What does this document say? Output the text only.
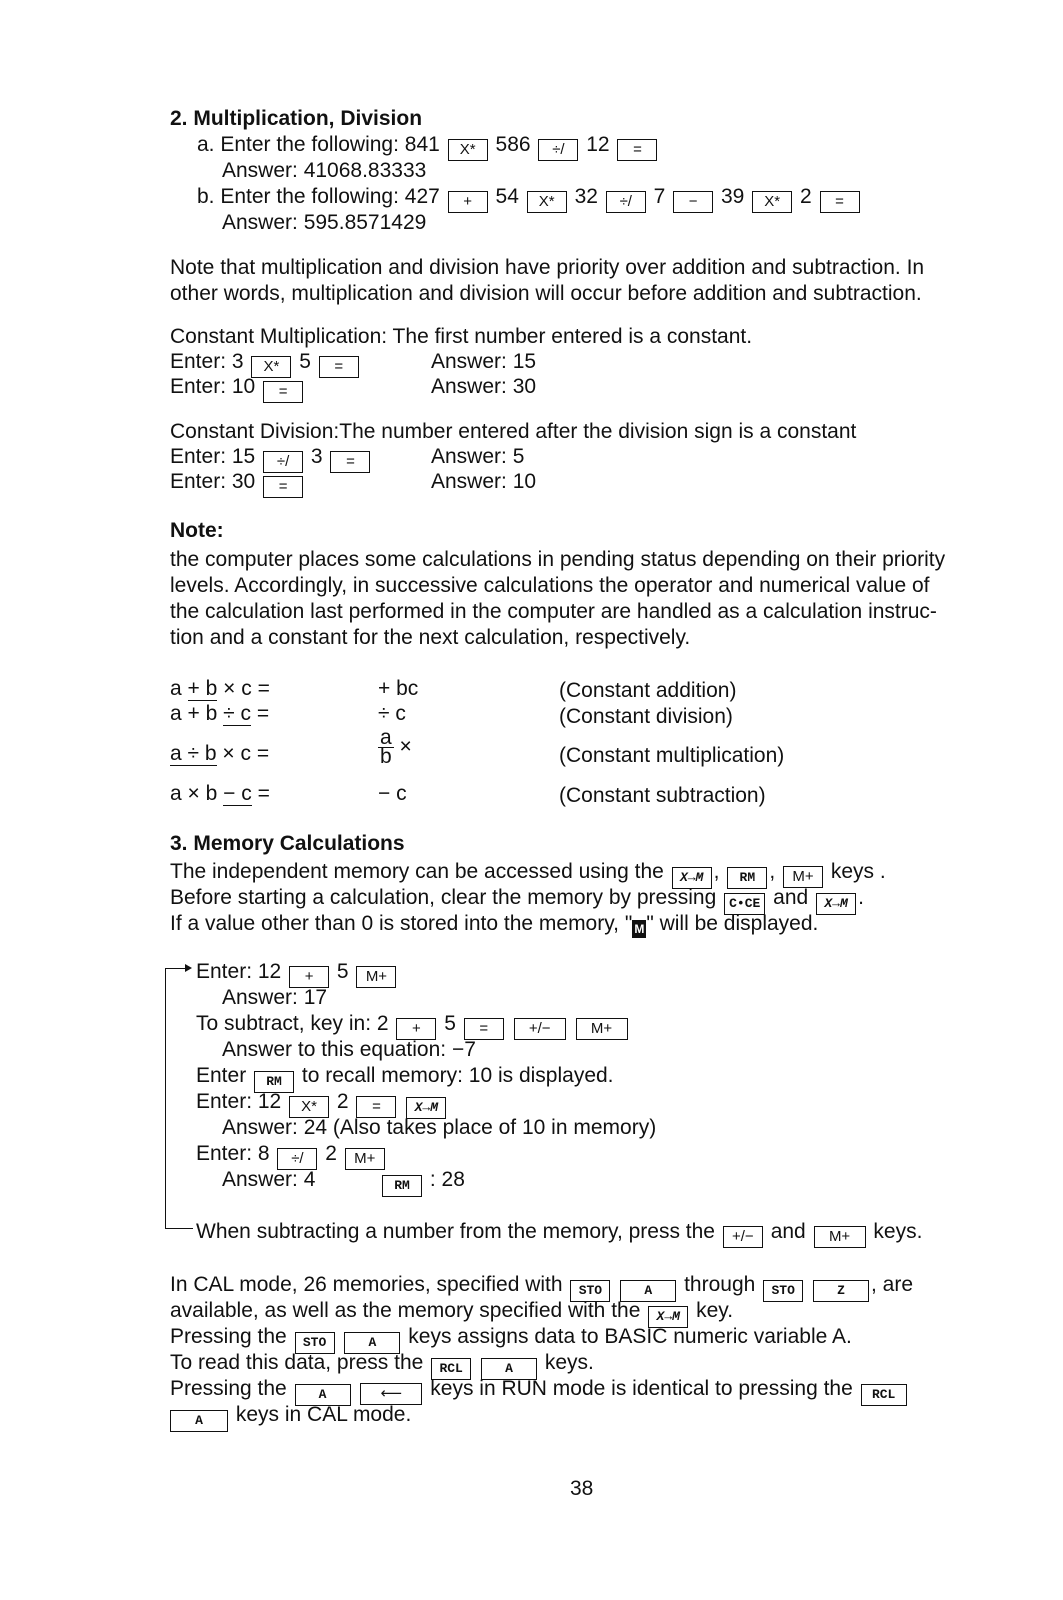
2. Multiplication, Division
a. Enter the following: 841 X* 586 ÷/ 12 =
Answer: 41068.83333
b. Enter the following: 427 + 54 X* 32 ÷/ 7 − 39 X* 2 =
Answer: 595.8571429
Note that multiplication and division have priority over addition and subtraction. In
other words, multiplication and division will occur before addition and subtraction.
Constant Multiplication: The first number entered is a constant.
Enter: 3 X* 5 =	Answer: 15
Enter: 10 =	Answer: 30
Constant Division:The number entered after the division sign is a constant
Enter: 15 ÷/ 3 =	Answer: 5
Enter: 30 =	Answer: 10
Note:
the computer places some calculations in pending status depending on their priority
levels. Accordingly, in successive calculations the operator and numerical value of
the calculation last performed in the computer are handled as a calculation instruc-
tion and a constant for the next calculation, respectively.
a + b × c =	+ bc	(Constant addition)
a + b ÷ c =	÷ c	(Constant division)
a ÷ b × c =	$\frac{a}{b}$ ×	(Constant multiplication)
a × b − c =	− c	(Constant subtraction)
3. Memory Calculations
The independent memory can be accessed using the X→M , RM , M+ keys .
Before starting a calculation, clear the memory by pressing C•CE and X→M .
If a value other than 0 is stored into the memory, " M" will be displayed.
Enter: 12 + 5 M+
Answer: 17
To subtract, key in: 2 + 5 =	+/−	M+
Answer to this equation: −7
Enter RM to recall memory: 10 is displayed.
Enter: 12 X* 2 =	X→M
Answer: 24 (Also takes place of 10 in memory)
Enter: 8 ÷/ 2 M+
Answer: 4	RM : 28
When subtracting a number from the memory, press the +/− and M+ keys.
In CAL mode, 26 memories, specified with STO	A through STO	Z , are
available, as well as the memory specified with the X→M key.
Pressing the STO	A keys assigns data to BASIC numeric variable A.
To read this data, press the RCL	A keys.
Pressing the A	⟵ keys in RUN mode is identical to pressing the RCL
A keys in CAL mode.
38
